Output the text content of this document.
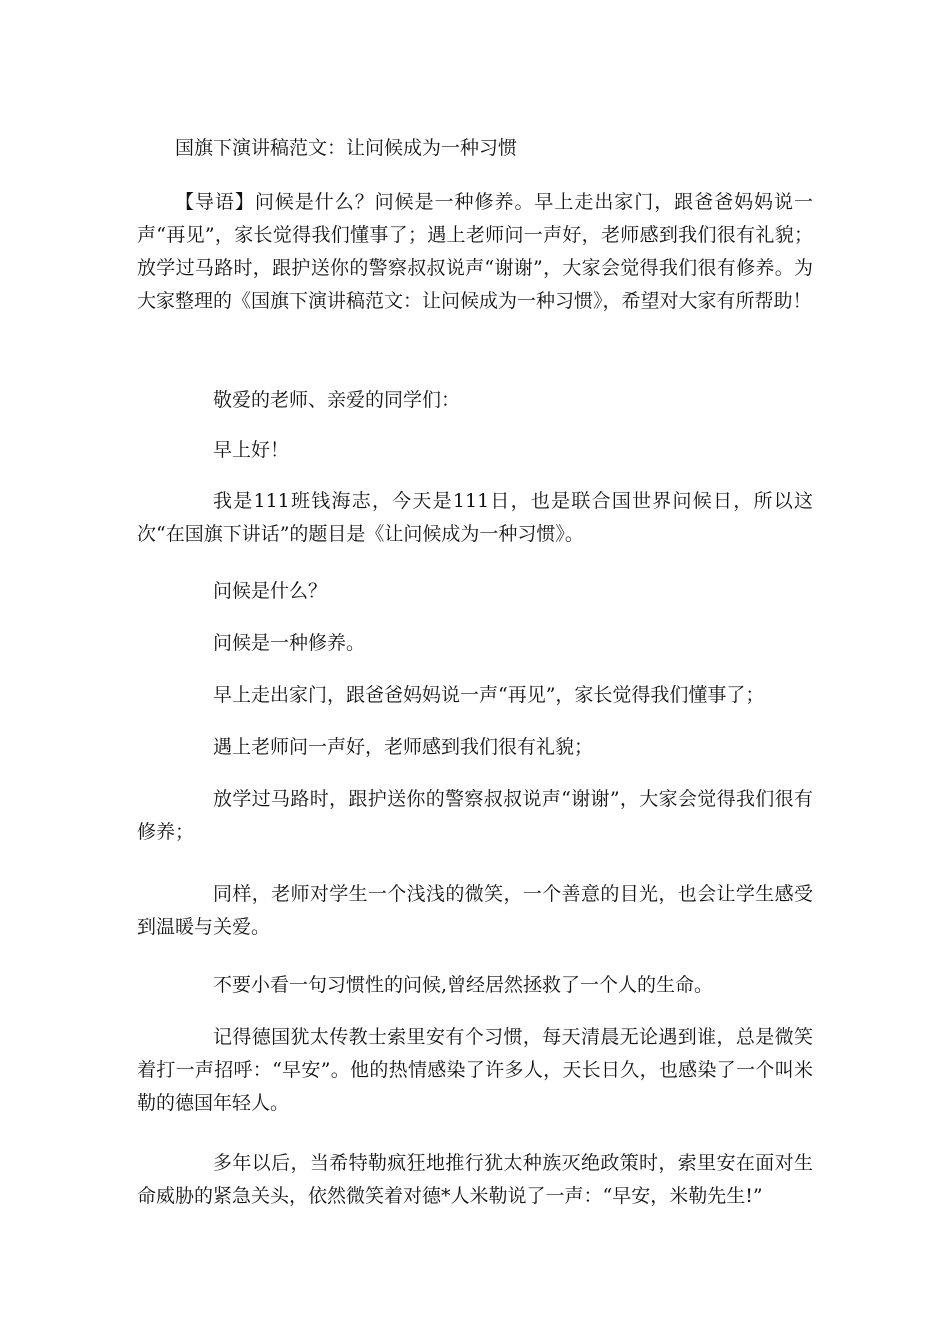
国旗下演讲稿范文：让问候成为一种习惯
【导语】问候是什么？问候是一种修养。早上走出家门，跟爸爸妈妈说一声“再见”，家长觉得我们懂事了；遇上老师问一声好，老师感到我们很有礼貌；放学过马路时，跟护送你的警察叔叔说声“谢谢”，大家会觉得我们很有修养。为大家整理的《国旗下演讲稿范文：让问候成为一种习惯》，希望对大家有所帮助！
敬爱的老师、亲爱的同学们：
早上好！
我是111班钱海志，今天是111日，也是联合国世界问候日，所以这次“在国旗下讲话”的题目是《让问候成为一种习惯》。
问候是什么？
问候是一种修养。
早上走出家门，跟爸爸妈妈说一声“再见”，家长觉得我们懂事了；
遇上老师问一声好，老师感到我们很有礼貌；
放学过马路时，跟护送你的警察叔叔说声“谢谢”，大家会觉得我们很有修养；
同样，老师对学生一个浅浅的微笑，一个善意的目光，也会让学生感受到温暖与关爱。
不要小看一句习惯性的问候,曾经居然拯救了一个人的生命。
记得德国犹太传教士索里安有个习惯，每天清晨无论遇到谁，总是微笑着打一声招呼：“早安”。他的热情感染了许多人，天长日久，也感染了一个叫米勒的德国年轻人。
多年以后，当希特勒疯狂地推行犹太种族灭绝政策时，索里安在面对生命威胁的紧急关头，依然微笑着对德*人米勒说了一声：“早安，米勒先生!”
